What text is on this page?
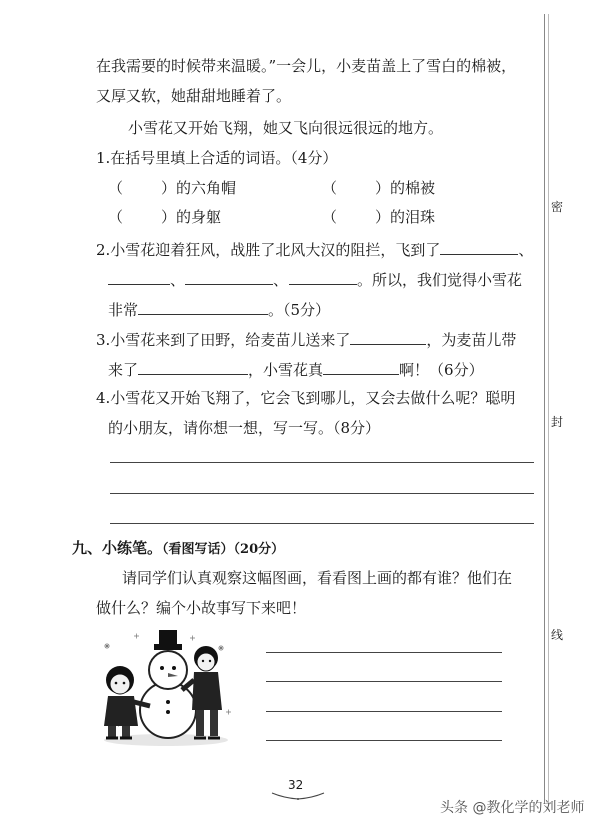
密
封
线
在我需要的时候带来温暖。”一会儿，小麦苗盖上了雪白的棉被，
又厚又软，她甜甜地睡着了。
小雪花又开始飞翔，她又飞向很远很远的地方。
1.在括号里填上合适的词语。（4分）
（	）的六角帽	（	）的棉被
（	）的身躯	（	）的泪珠
2.小雪花迎着狂风，战胜了北风大汉的阻拦，飞到了	、
、	、	。所以，我们觉得小雪花
非常	。（5分）
3.小雪花来到了田野，给麦苗儿送来了	，为麦苗儿带
来了	，小雪花真	啊！（6分）
4.小雪花又开始飞翔了，它会飞到哪儿，又会去做什么呢？聪明
的小朋友，请你想一想，写一写。（8分）
九、小练笔。（看图写话）（20分）
请同学们认真观察这幅图画，看看图上画的都有谁？他们在
做什么？编个小故事写下来吧！
32
头条 @教化学的刘老师
